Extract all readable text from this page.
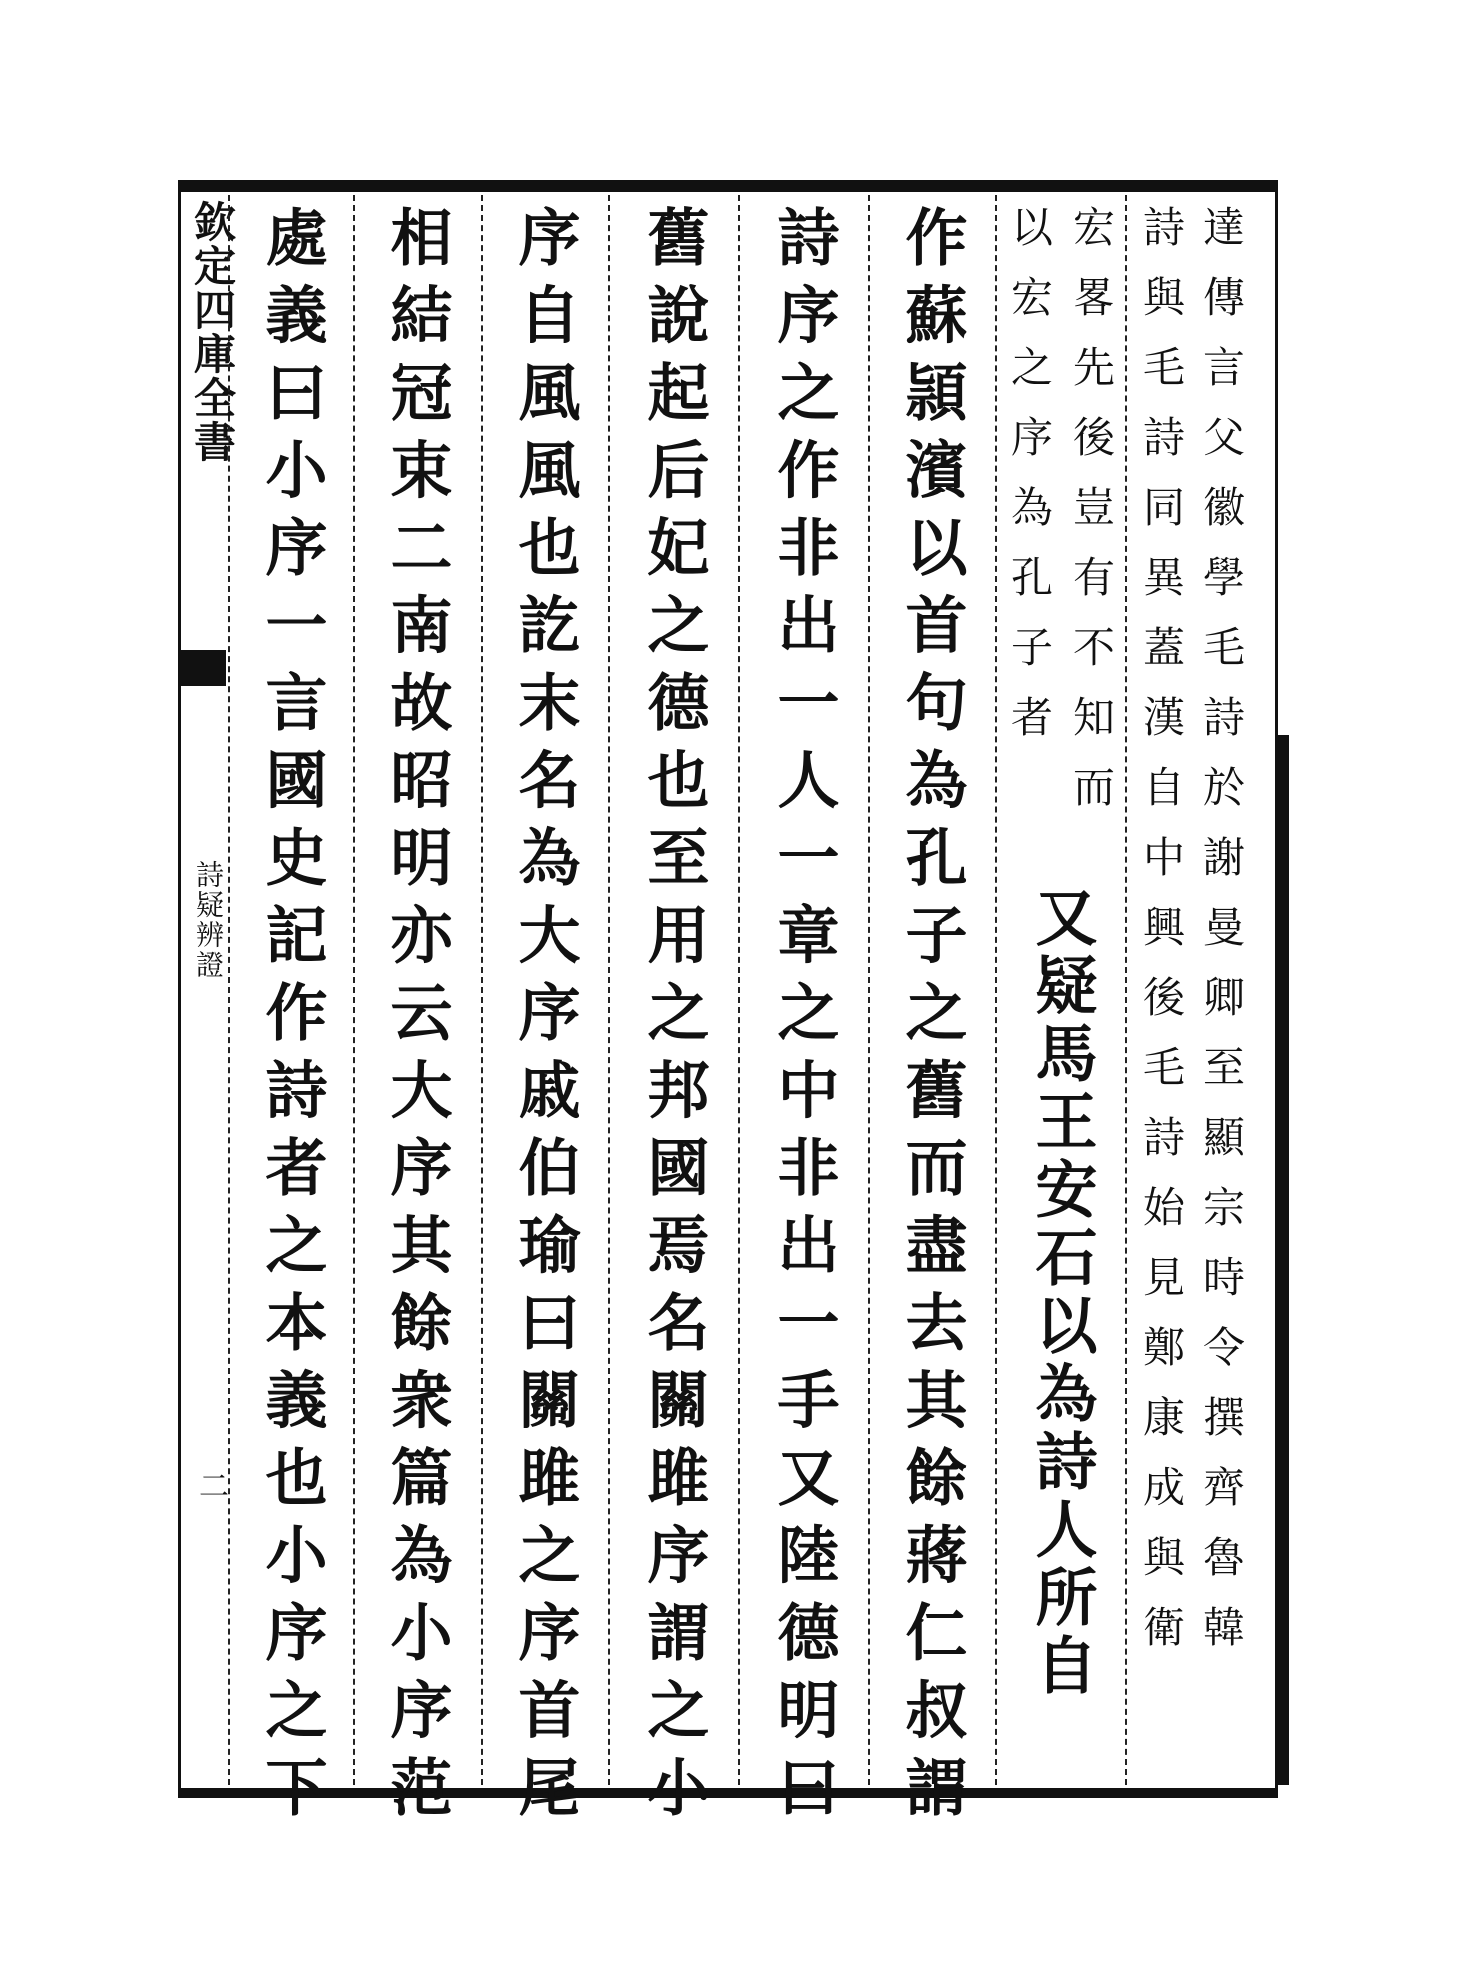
欽定四庫全書
詩疑辨證
二	達傳言父徽學毛詩於謝曼卿至顯宗時令撰齊魯韓
詩與毛詩同異蓋漢自中興後毛詩始見鄭康成與衛
宏畧先後豈有不知而
以宏之序為孔子者
又疑馬王安石以為詩人所自
作蘇頴濱以首句為孔子之舊而盡去其餘蔣仁叔謂
詩序之作非出一人一章之中非出一手又陸德明曰
舊說起后妃之德也至用之邦國焉名關雎序謂之小
序自風風也訖末名為大序戚伯瑜曰關雎之序首尾
相結冠束二南故昭明亦云大序其餘衆篇為小序范
處義曰小序一言國史記作詩者之本義也小序之下
